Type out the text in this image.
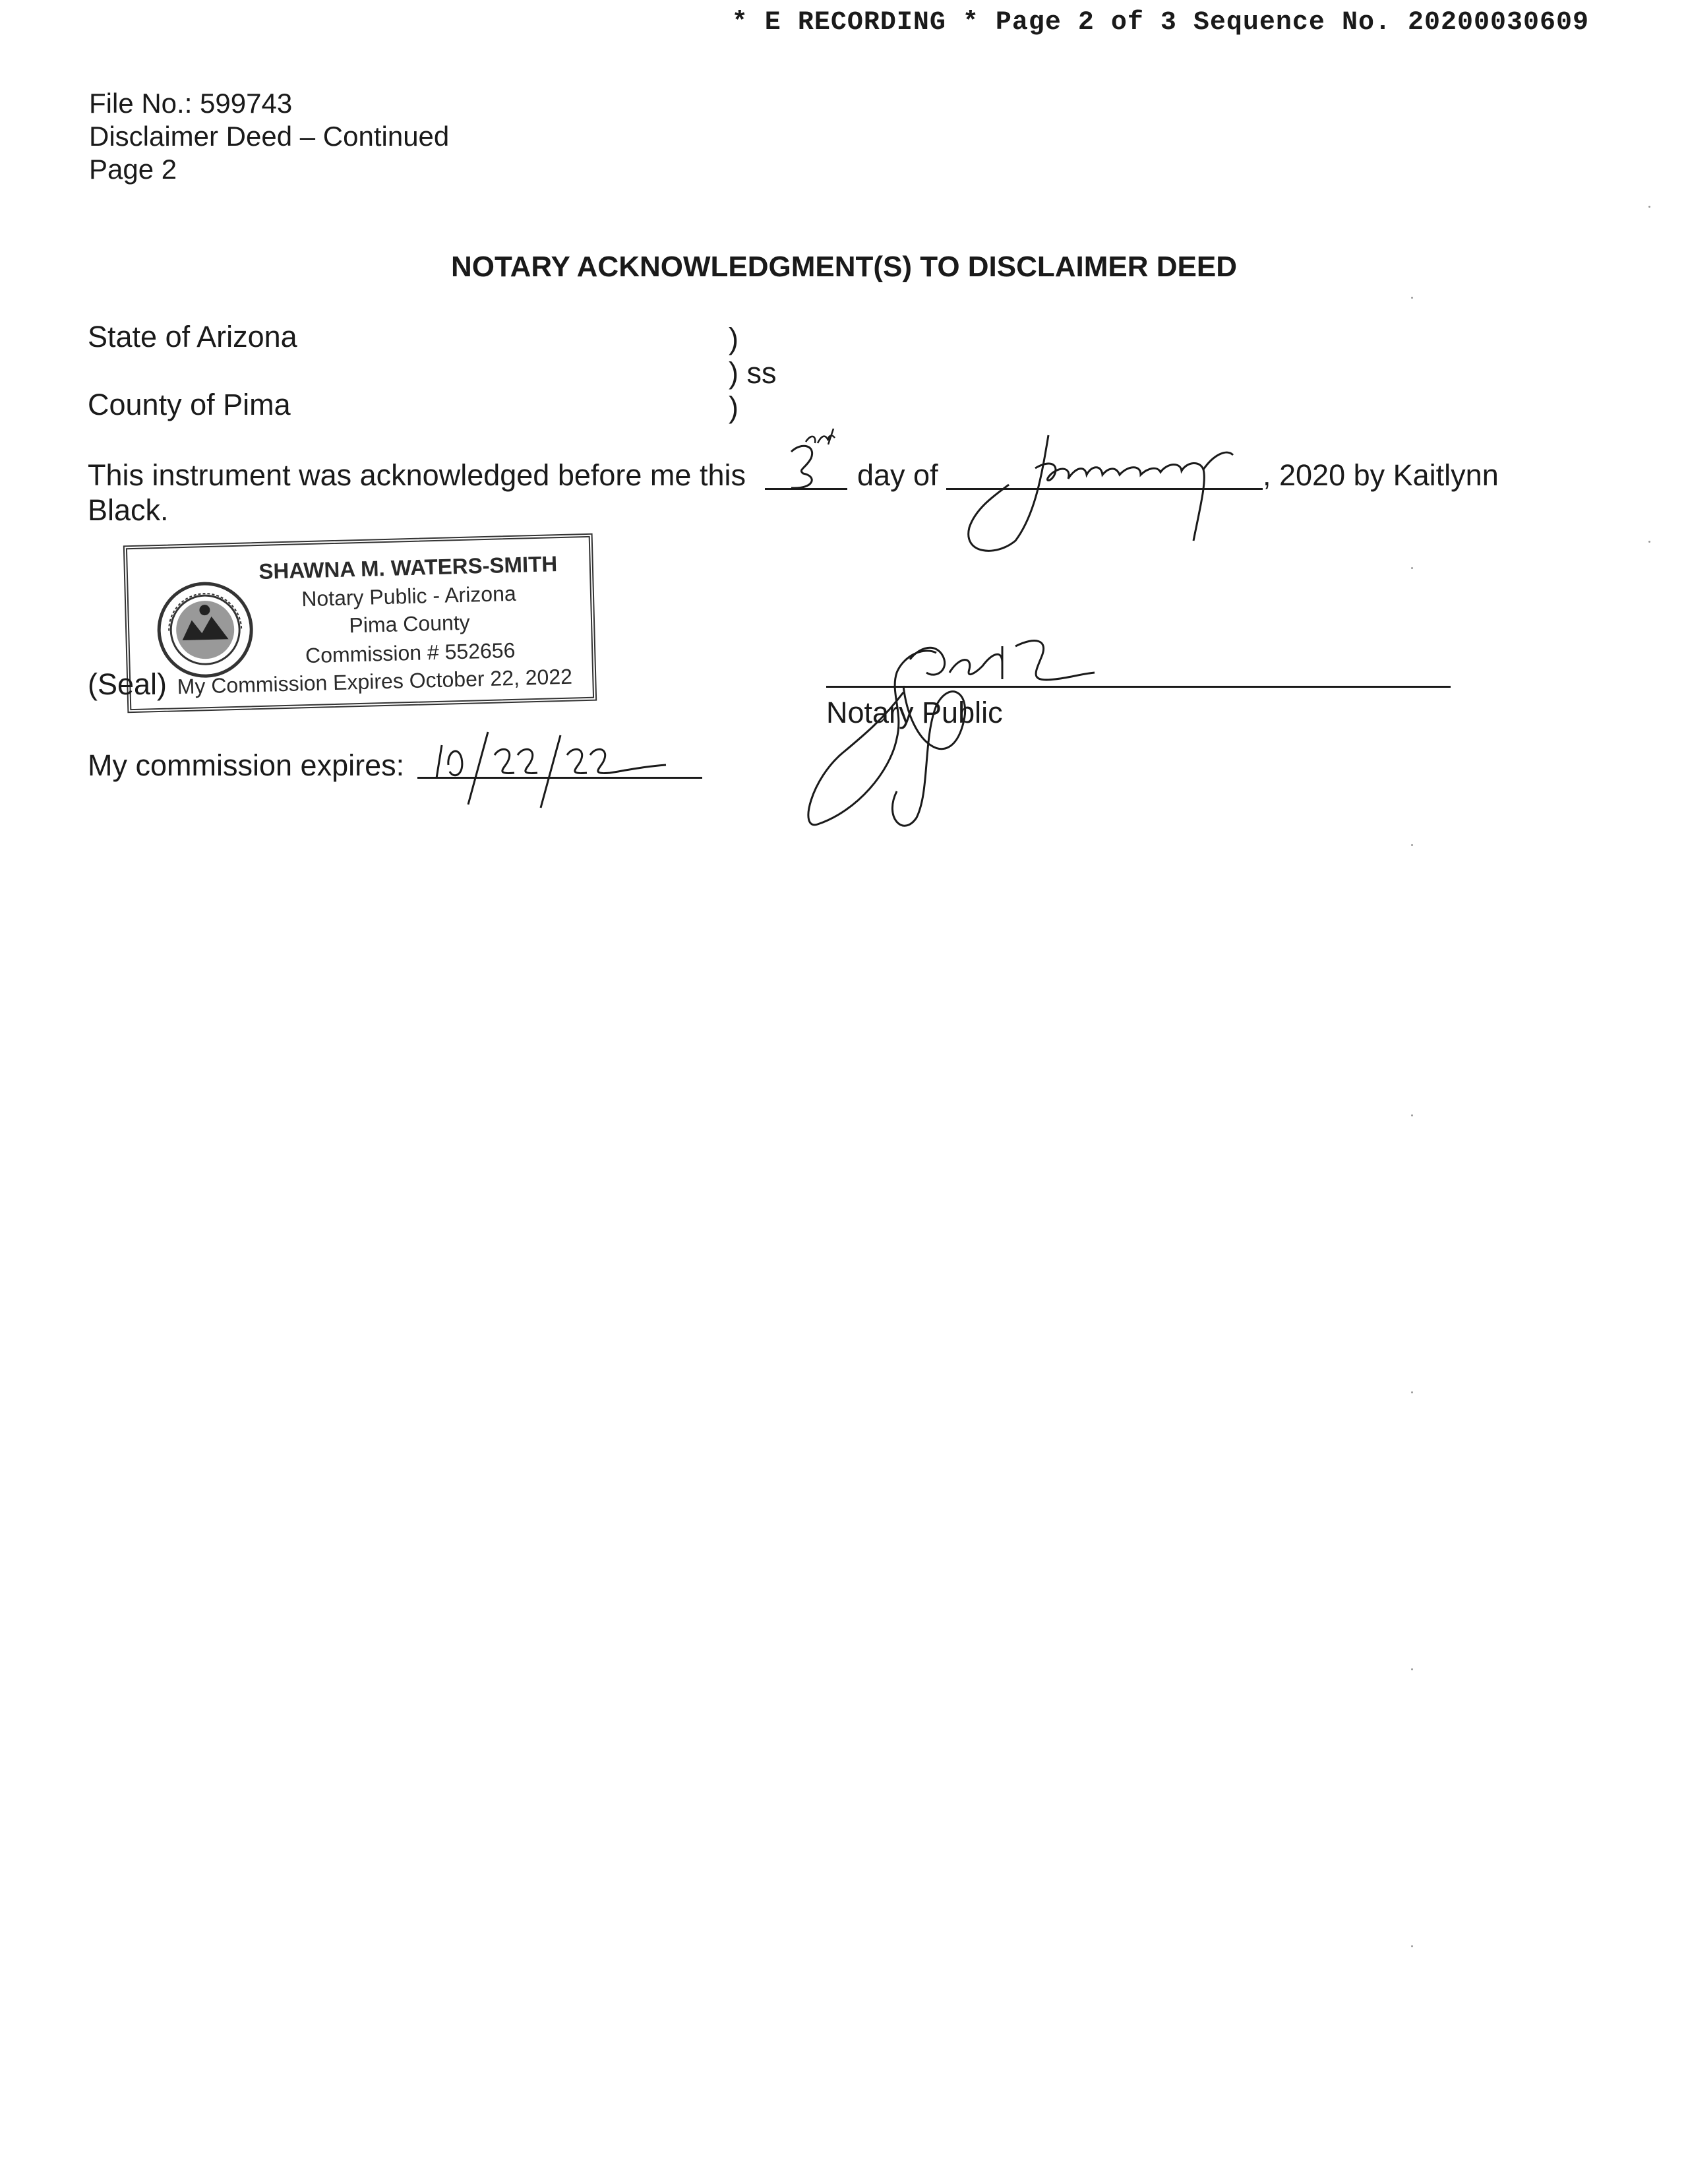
* E RECORDING * Page 2 of 3 Sequence No. 20200030609
File No.: 599743
Disclaimer Deed – Continued
Page 2
NOTARY ACKNOWLEDGMENT(S) TO DISCLAIMER DEED
State of Arizona	)
) ss
County of Pima	)
This instrument was acknowledged before me this	day of	, 2020 by Kaitlynn
Black.
SHAWNA M. WATERS-SMITH
Notary Public - Arizona
Pima County
Commission # 552656
My Commission Expires October 22, 2022
(Seal)
Notary Public
My commission expires:
